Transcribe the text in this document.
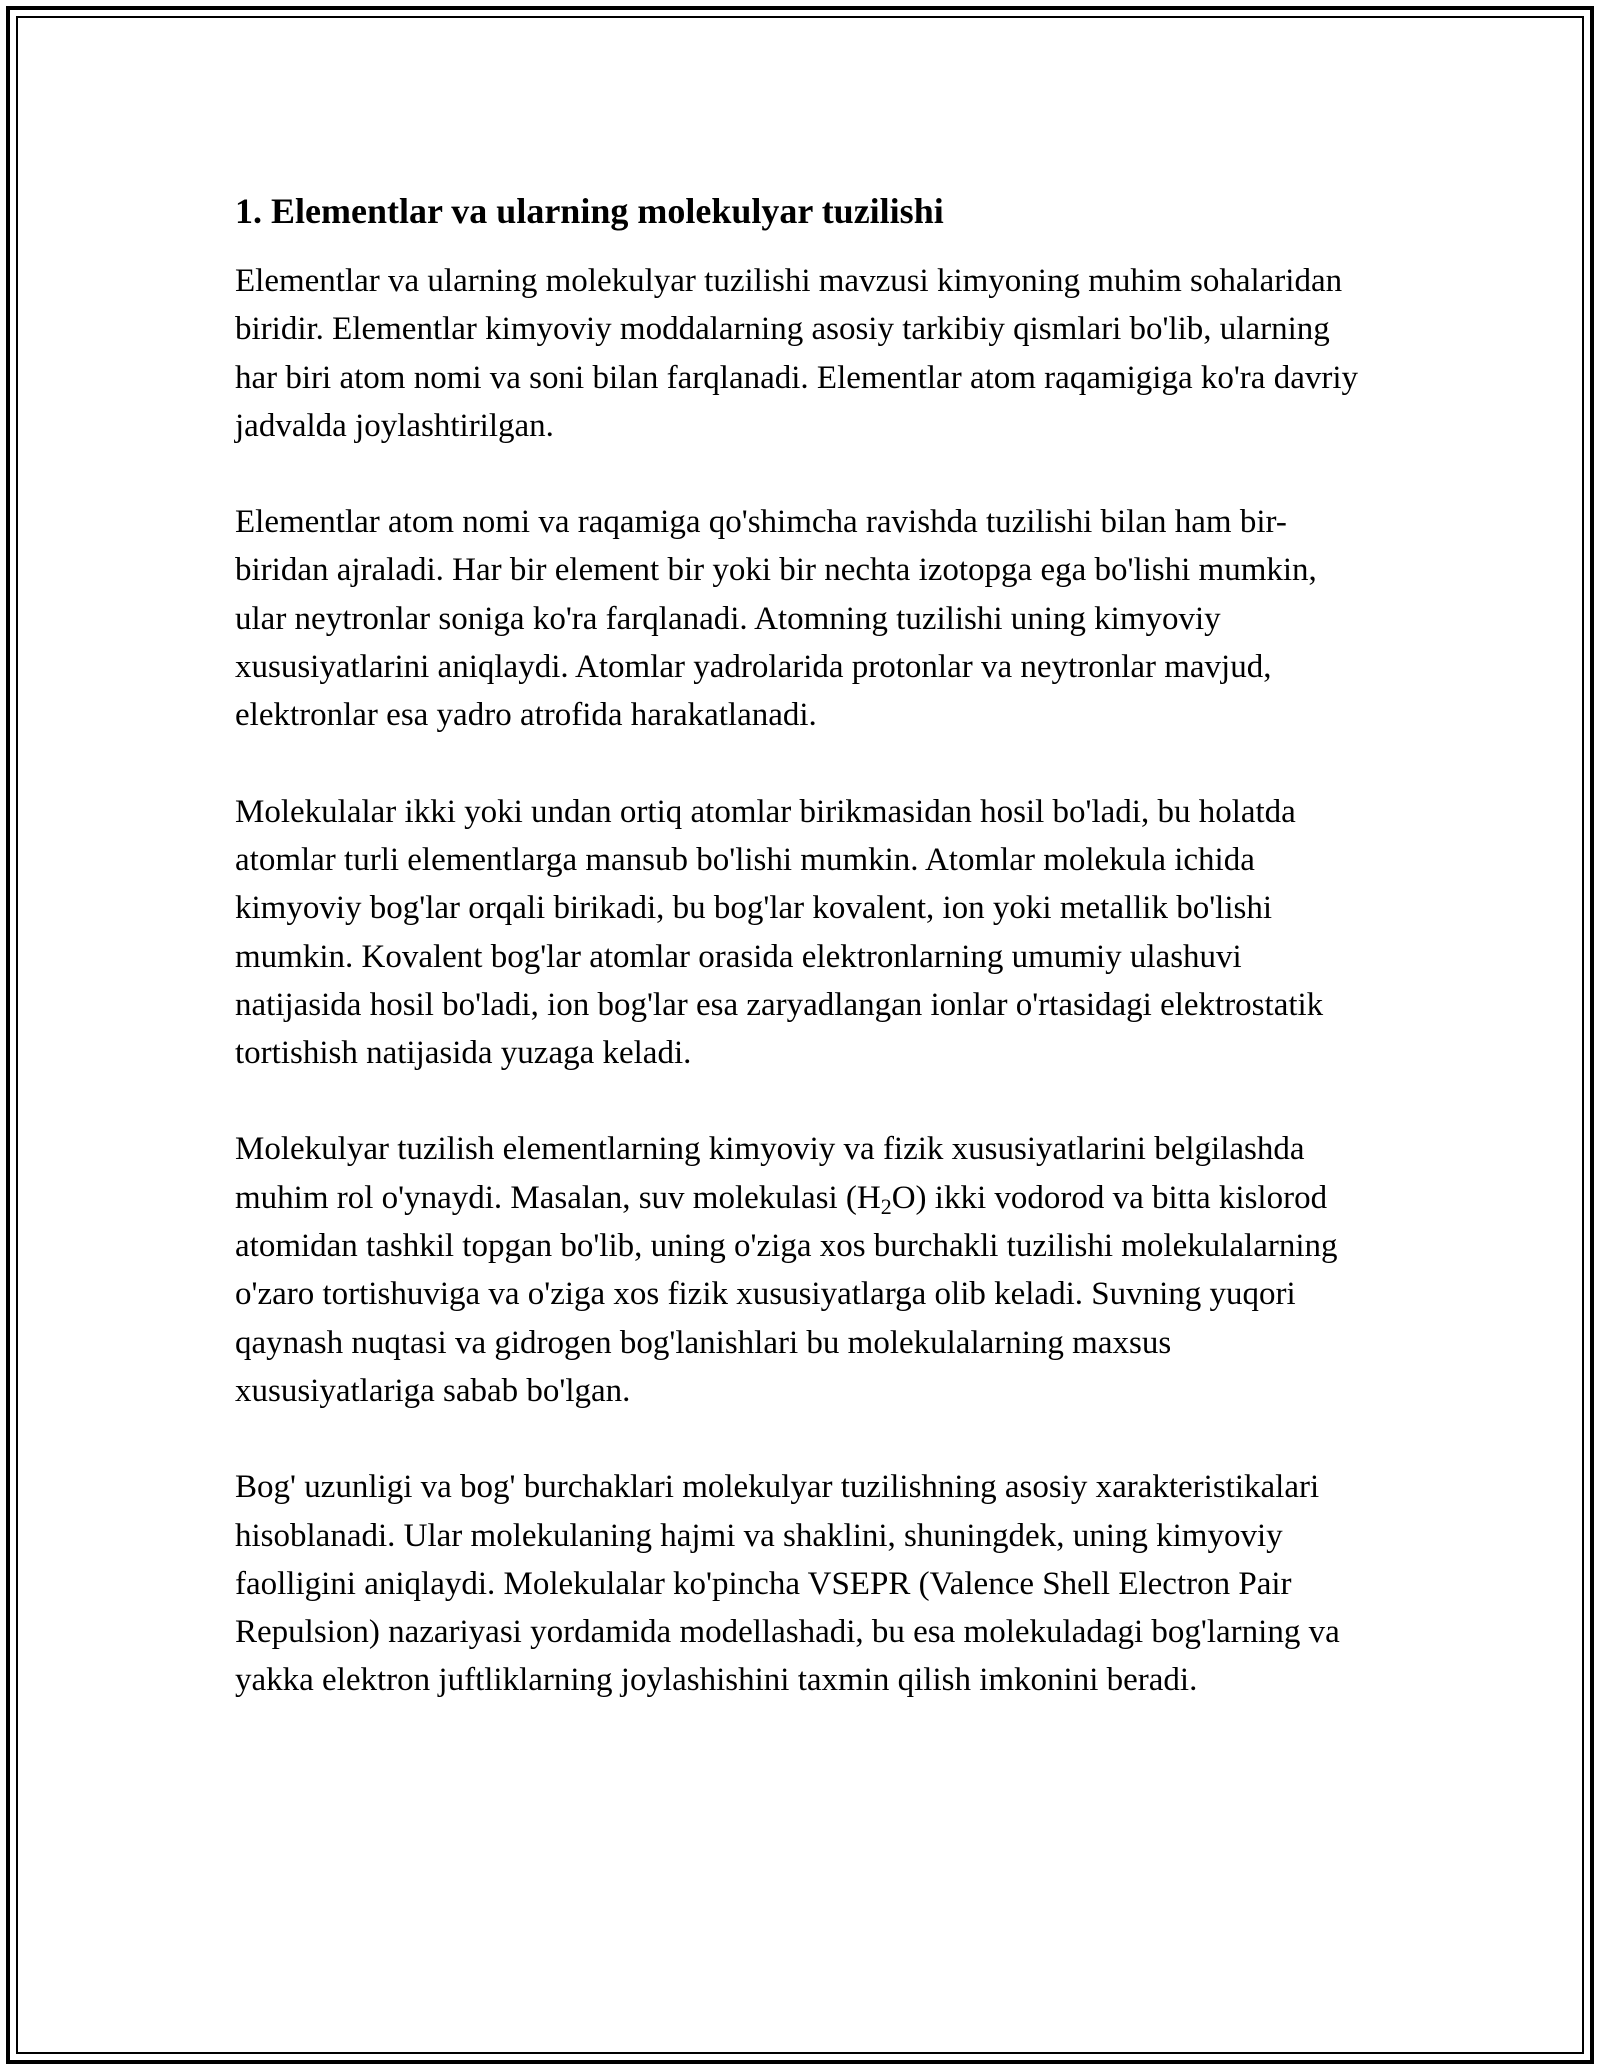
1. Elementlar va ularning molekulyar tuzilishi

Elementlar va ularning molekulyar tuzilishi mavzusi kimyoning muhim sohalaridan biridir. Elementlar kimyoviy moddalarning asosiy tarkibiy qismlari bo'lib, ularning har biri atom nomi va soni bilan farqlanadi. Elementlar atom raqamigiga ko'ra davriy jadvalda joylashtirilgan.

Elementlar atom nomi va raqamiga qo'shimcha ravishda tuzilishi bilan ham bir-biridan ajraladi. Har bir element bir yoki bir nechta izotopga ega bo'lishi mumkin, ular neytronlar soniga ko'ra farqlanadi. Atomning tuzilishi uning kimyoviy xususiyatlarini aniqlaydi. Atomlar yadrolarida protonlar va neytronlar mavjud, elektronlar esa yadro atrofida harakatlanadi.

Molekulalar ikki yoki undan ortiq atomlar birikmasidan hosil bo'ladi, bu holatda atomlar turli elementlarga mansub bo'lishi mumkin. Atomlar molekula ichida kimyoviy bog'lar orqali birikadi, bu bog'lar kovalent, ion yoki metallik bo'lishi mumkin. Kovalent bog'lar atomlar orasida elektronlarning umumiy ulashuvi natijasida hosil bo'ladi, ion bog'lar esa zaryadlangan ionlar o'rtasidagi elektrostatik tortishish natijasida yuzaga keladi.

Molekulyar tuzilish elementlarning kimyoviy va fizik xususiyatlarini belgilashda muhim rol o'ynaydi. Masalan, suv molekulasi $(H_2O)$ ikki vodorod va bitta kislorod atomidan tashkil topgan bo'lib, uning o'ziga xos burchakli tuzilishi molekulalarning o'zaro tortishuviga va o'ziga xos fizik xususiyatlarga olib keladi. Suvning yuqori qaynash nuqtasi va gidrogen bog'lanishlari bu molekulalarning maxsus xususiyatlariga sabab bo'lgan.

Bog' uzunligi va bog' burchaklari molekulyar tuzilishning asosiy xarakteristikalari hisoblanadi. Ular molekulaning hajmi va shaklini, shuningdek, uning kimyoviy faolligini aniqlaydi. Molekulalar ko'pincha VSEPR (Valence Shell Electron Pair Repulsion) nazariyasi yordamida modellashadi, bu esa molekuladagi bog'larning va yakka elektron juftliklarning joylashishini taxmin qilish imkonini beradi.
